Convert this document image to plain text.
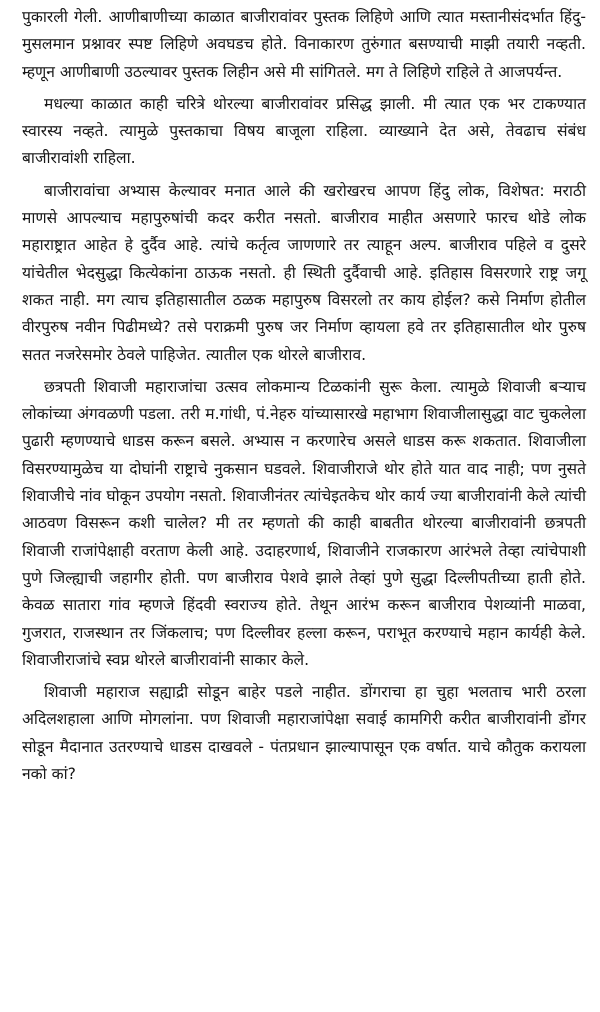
पुकारली गेली. आणीबाणीच्या काळात बाजीरावांवर पुस्तक लिहिणे आणि त्यात मस्तानीसंदर्भात हिंदु-मुसलमान प्रश्नावर स्पष्ट लिहिणे अवघडच होते. विनाकारण तुरुंगात बसण्याची माझी तयारी नव्हती. म्हणून आणीबाणी उठल्यावर पुस्तक लिहीन असे मी सांगितले. मग ते लिहिणे राहिले ते आजपर्यन्त.

मधल्या काळात काही चरित्रे थोरल्या बाजीरावांवर प्रसिद्ध झाली. मी त्यात एक भर टाकण्यात स्वारस्य नव्हते. त्यामुळे पुस्तकाचा विषय बाजूला राहिला. व्याख्याने देत असे, तेवढाच संबंध बाजीरावांशी राहिला.

बाजीरावांचा अभ्यास केल्यावर मनात आले की खरोखरच आपण हिंदु लोक, विशेषत: मराठी माणसे आपल्याच महापुरुषांची कदर करीत नसतो. बाजीराव माहीत असणारे फारच थोडे लोक महाराष्ट्रात आहेत हे दुर्दैव आहे. त्यांचे कर्तृत्व जाणणारे तर त्याहून अल्प. बाजीराव पहिले व दुसरे यांचेतील भेदसुद्धा कित्येकांना ठाऊक नसतो. ही स्थिती दुर्दैवाची आहे. इतिहास विसरणारे राष्ट्र जगू शकत नाही. मग त्याच इतिहासातील ठळक महापुरुष विसरलो तर काय होईल? कसे निर्माण होतील वीरपुरुष नवीन पिढीमध्ये? तसे पराक्रमी पुरुष जर निर्माण व्हायला हवे तर इतिहासातील थोर पुरुष सतत नजरेसमोर ठेवले पाहिजेत. त्यातील एक थोरले बाजीराव.

छत्रपती शिवाजी महाराजांचा उत्सव लोकमान्य टिळकांनी सुरू केला. त्यामुळे शिवाजी बऱ्याच लोकांच्या अंगवळणी पडला. तरी म.गांधी, पं.नेहरु यांच्यासारखे महाभाग शिवाजीलासुद्धा वाट चुकलेला पुढारी म्हणण्याचे धाडस करून बसले. अभ्यास न करणारेच असले धाडस करू शकतात. शिवाजीला विसरण्यामुळेच या दोघांनी राष्ट्राचे नुकसान घडवले. शिवाजीराजे थोर होते यात वाद नाही; पण नुसते शिवाजीचे नांव घोकून उपयोग नसतो. शिवाजीनंतर त्यांचेइतकेच थोर कार्य ज्या बाजीरावांनी केले त्यांची आठवण विसरून कशी चालेल? मी तर म्हणतो की काही बाबतीत थोरल्या बाजीरावांनी छत्रपती शिवाजी राजांपेक्षाही वरताण केली आहे. उदाहरणार्थ, शिवाजीने राजकारण आरंभले तेव्हा त्यांचेपाशी पुणे जिल्ह्याची जहागीर होती. पण बाजीराव पेशवे झाले तेव्हां पुणे सुद्धा दिल्लीपतीच्या हाती होते. केवळ सातारा गांव म्हणजे हिंदवी स्वराज्य होते. तेथून आरंभ करून बाजीराव पेशव्यांनी माळवा, गुजरात, राजस्थान तर जिंकलाच; पण दिल्लीवर हल्ला करून, पराभूत करण्याचे महान कार्यही केले. शिवाजीराजांचे स्वप्न थोरले बाजीरावांनी साकार केले.

शिवाजी महाराज सह्याद्री सोडून बाहेर पडले नाहीत. डोंगराचा हा चुहा भलताच भारी ठरला अदिलशहाला आणि मोगलांना. पण शिवाजी महाराजांपेक्षा सवाई कामगिरी करीत बाजीरावांनी डोंगर सोडून मैदानात उतरण्याचे धाडस दाखवले - पंतप्रधान झाल्यापासून एक वर्षात. याचे कौतुक करायला नको कां?
